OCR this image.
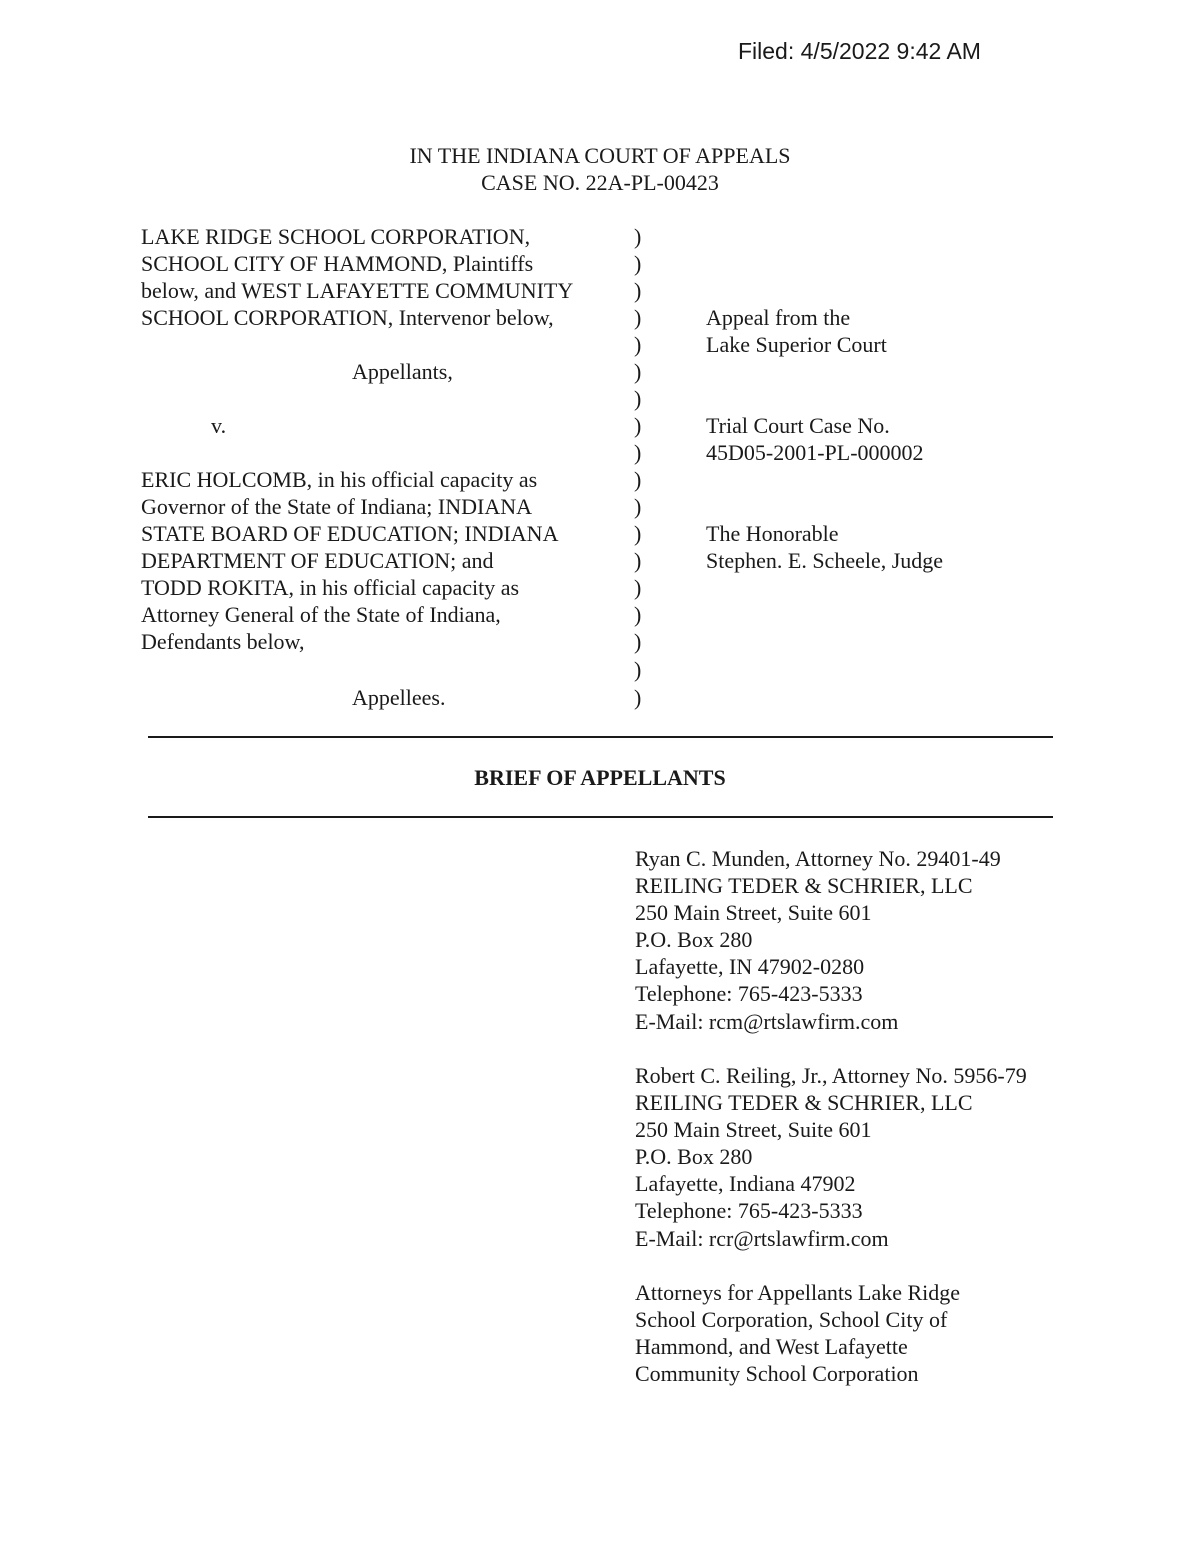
Filed: 4/5/2022 9:42 AM
IN THE INDIANA COURT OF APPEALS
CASE NO. 22A-PL-00423
LAKE RIDGE SCHOOL CORPORATION,
SCHOOL CITY OF HAMMOND, Plaintiffs
below, and WEST LAFAYETTE COMMUNITY
SCHOOL CORPORATION, Intervenor below,
Appellants,
v.
ERIC HOLCOMB, in his official capacity as
Governor of the State of Indiana; INDIANA
STATE BOARD OF EDUCATION; INDIANA
DEPARTMENT OF EDUCATION; and
TODD ROKITA, in his official capacity as
Attorney General of the State of Indiana,
Defendants below,
Appellees.
)
)
)
)
)
)
)
)
)
)
)
)
)
)
)
)
)
)
Appeal from the
Lake Superior Court
Trial Court Case No.
45D05-2001-PL-000002
The Honorable
Stephen. E. Scheele, Judge
BRIEF OF APPELLANTS
Ryan C. Munden, Attorney No. 29401-49
REILING TEDER & SCHRIER, LLC
250 Main Street, Suite 601
P.O. Box 280
Lafayette, IN 47902-0280
Telephone: 765-423-5333
E-Mail: rcm@rtslawfirm.com
Robert C. Reiling, Jr., Attorney No. 5956-79
REILING TEDER & SCHRIER, LLC
250 Main Street, Suite 601
P.O. Box 280
Lafayette, Indiana 47902
Telephone: 765-423-5333
E-Mail: rcr@rtslawfirm.com
Attorneys for Appellants Lake Ridge
School Corporation, School City of
Hammond, and West Lafayette
Community School Corporation
